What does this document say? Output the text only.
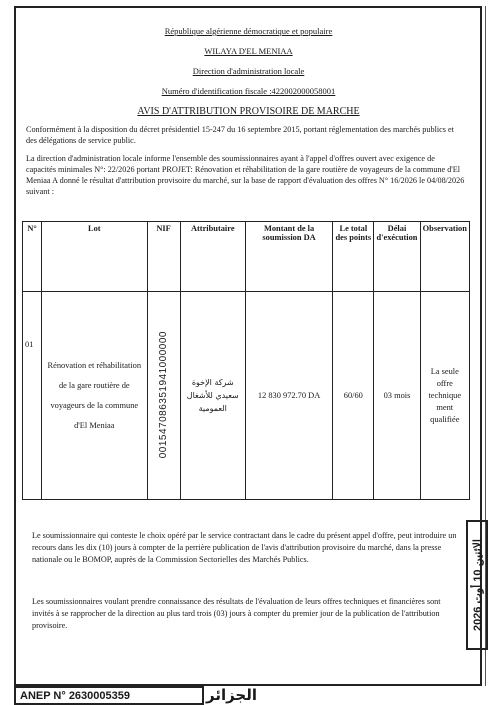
République algérienne démocratique et populaire
WILAYA D'EL MENIAA
Direction d'administration locale
Numéro d'identification fiscale :422002000058001
AVIS D'ATTRIBUTION PROVISOIRE DE MARCHE
Conformément à la disposition du décret présidentiel 15-247 du 16 septembre 2015, portant réglementation des marchés publics et des délégations de service public.
La direction d'administration locale informe l'ensemble des soumissionnaires ayant à l'appel d'offres ouvert avec exigence de capacités minimales N°: 22/2026 portant PROJET: Rénovation et réhabilitation de la gare routière de voyageurs de la commune d'El Meniaa A donné le résultat d'attribution provisoire du marché, sur la base de rapport d'évaluation des offres N° 16/2026 le 04/08/2026 suivant :
N°	Lot	NIF	Attributaire	Montant de la soumission DA	Le total des points	Délai d'exécution	Observation
01	Rénovation et réhabilitation de la gare routière de voyageurs de la commune d'El Meniaa	001547086351941000000	شركة الإخوة سعيدي للأشغال العمومية	12 830 972.70 DA	60/60	03 mois	La seule offre technique ment qualifiée
Le soumissionnaire qui conteste le choix opéré par le service contractant dans le cadre du présent appel d'offre, peut introduire un recours dans les dix (10) jours à compter de la perrière publication de l'avis d'attribution provisoire du marché, dans la presse nationale ou le BOMOP, auprès de la Commission Sectorielles des Marchés Publics.
Les soumissionnaires voulant prendre connaissance des résultats de l'évaluation de leurs offres techniques et financières sont invités à se rapprocher de la direction au plus tard trois (03) jours à compter du premier jour de la publication de l'attribution provisoire.	الاثنين 10 أوت 2026
ANEP N° 2630005359	الجزائر
